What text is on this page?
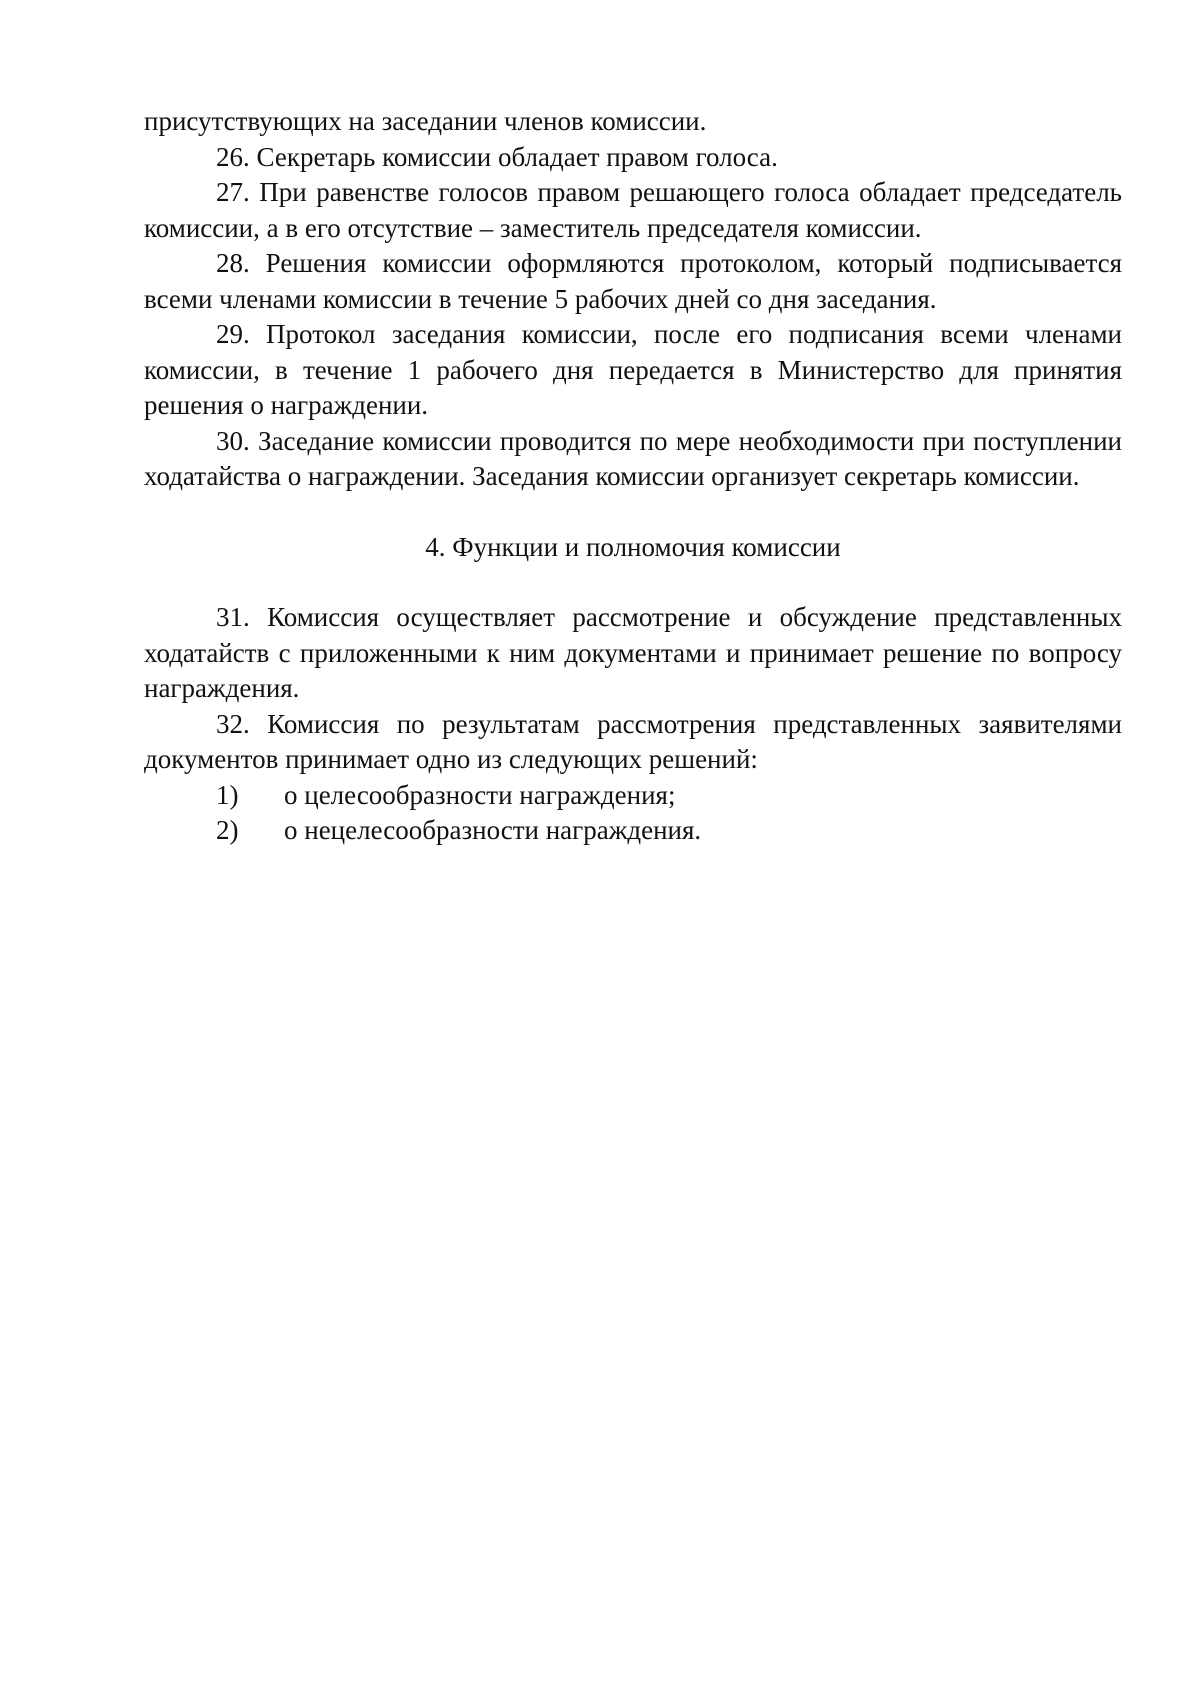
присутствующих на заседании членов комиссии.

26. Секретарь комиссии обладает правом голоса.

27. При равенстве голосов правом решающего голоса обладает председатель комиссии, а в его отсутствие – заместитель председателя комиссии.

28. Решения комиссии оформляются протоколом, который подписывается всеми членами комиссии в течение 5 рабочих дней со дня заседания.

29. Протокол заседания комиссии, после его подписания всеми членами комиссии, в течение 1 рабочего дня передается в Министерство для принятия решения о награждении.

30. Заседание комиссии проводится по мере необходимости при поступлении ходатайства о награждении. Заседания комиссии организует секретарь комиссии.

4. Функции и полномочия комиссии

31. Комиссия осуществляет рассмотрение и обсуждение представленных ходатайств с приложенными к ним документами и принимает решение по вопросу награждения.

32. Комиссия по результатам рассмотрения представленных заявителями документов принимает одно из следующих решений:

1)	о целесообразности награждения;
2)	о нецелесообразности награждения.
